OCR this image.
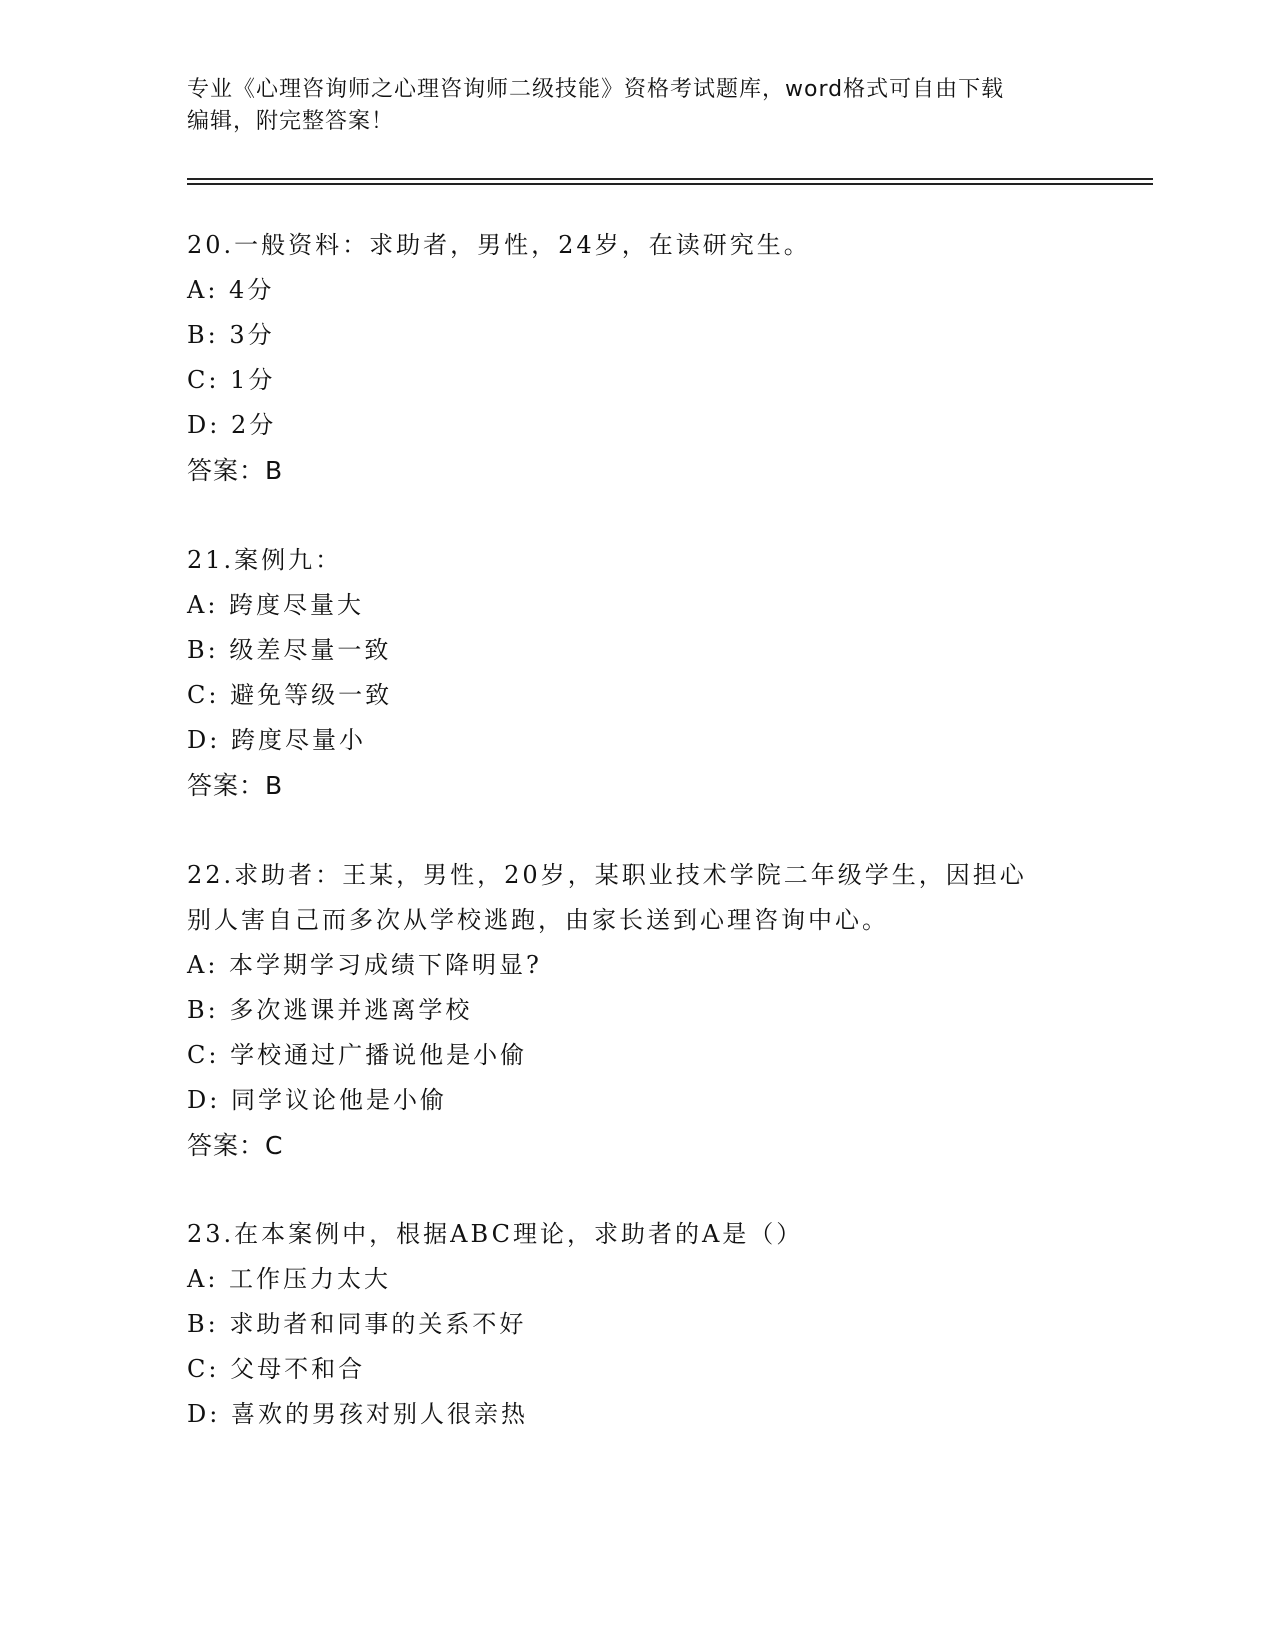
专业《心理咨询师之心理咨询师二级技能》资格考试题库，word格式可自由下载
编辑，附完整答案！

20.一般资料：求助者，男性，24岁，在读研究生。

A: 4分

B: 3分

C: 1分

D: 2分

答案：B

21.案例九：

A: 跨度尽量大

B: 级差尽量一致

C: 避免等级一致

D: 跨度尽量小

答案：B

22.求助者：王某，男性，20岁，某职业技术学院二年级学生，因担心

别人害自己而多次从学校逃跑，由家长送到心理咨询中心。

A: 本学期学习成绩下降明显?

B: 多次逃课并逃离学校

C: 学校通过广播说他是小偷

D: 同学议论他是小偷

答案：C

23.在本案例中，根据ABC理论，求助者的A是（）

A: 工作压力太大

B: 求助者和同事的关系不好

C: 父母不和合

D: 喜欢的男孩对别人很亲热
